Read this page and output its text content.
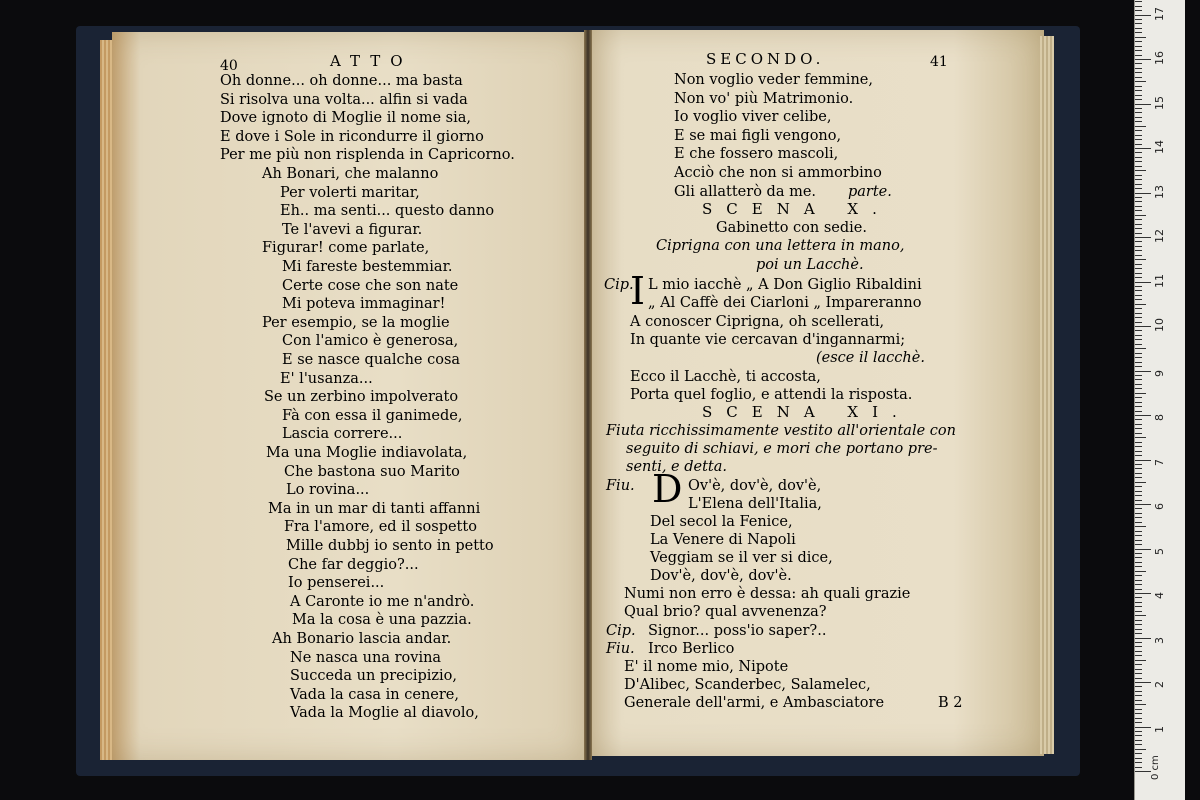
40	ATTO
Oh donne... oh donne... ma basta
Si risolva una volta... alfin si vada
Dove ignoto di Moglie il nome sia,
E dove i Sole in ricondurre il giorno
Per me più non risplenda in Capricorno.
Ah Bonari, che malanno
Per volerti maritar,
Eh.. ma senti... questo danno
Te l'avevi a figurar.
Figurar! come parlate,
Mi fareste bestemmiar.
Certe cose che son nate
Mi poteva immaginar!
Per esempio, se la moglie
Con l'amico è generosa,
E se nasce qualche cosa
E' l'usanza...
Se un zerbino impolverato
Fà con essa il ganimede,
Lascia correre...
Ma una Moglie indiavolata,
Che bastona suo Marito
Lo rovina...
Ma in un mar di tanti affanni
Fra l'amore, ed il sospetto
Mille dubbj io sento in petto
Che far deggio?...
Io penserei...
A Caronte io me n'andrò.
Ma la cosa è una pazzia.
Ah Bonario lascia andar.
Ne nasca una rovina
Succeda un precipizio,
Vada la casa in cenere,
Vada la Moglie al diavolo,
SECONDO.	41
Non voglio veder femmine,
Non vo' più Matrimonio.
Io voglio viver celibe,
E se mai figli vengono,
E che fossero mascoli,
Acciò che non si ammorbino
Gli allatterò da me. parte.
SCENA X.
Gabinetto con sedie.
Ciprigna con una lettera in mano,
poi un Lacchè.
Cip.
I L mio iacchè „ A Don Giglio Ribaldini
„ Al Caffè dei Ciarloni „ Impareranno
A conoscer Ciprigna, oh scellerati,
In quante vie cercavan d'ingannarmi;
(esce il lacchè.
Ecco il Lacchè, ti accosta,
Porta quel foglio, e attendi la risposta.
SCENA XI.
Fiuta ricchissimamente vestito all'orientale con
seguito di schiavi, e mori che portano pre-
senti, e detta.
Fiu. D Ov'è, dov'è, dov'è,
L'Elena dell'Italia,
Del secol la Fenice,
La Venere di Napoli
Veggiam se il ver si dice,
Dov'è, dov'è, dov'è.
Numi non erro è dessa: ah quali grazie
Qual brio? qual avvenenza?
Cip. Signor... poss'io saper?..
Fiu. Irco Berlico
E' il nome mio, Nipote
D'Alibec, Scanderbec, Salamelec,
Generale dell'armi, e Ambasciatore	B 2
17
16
15
14
13
12
11
10
9
8
7
6
5
4
3
2
1
0 cm
